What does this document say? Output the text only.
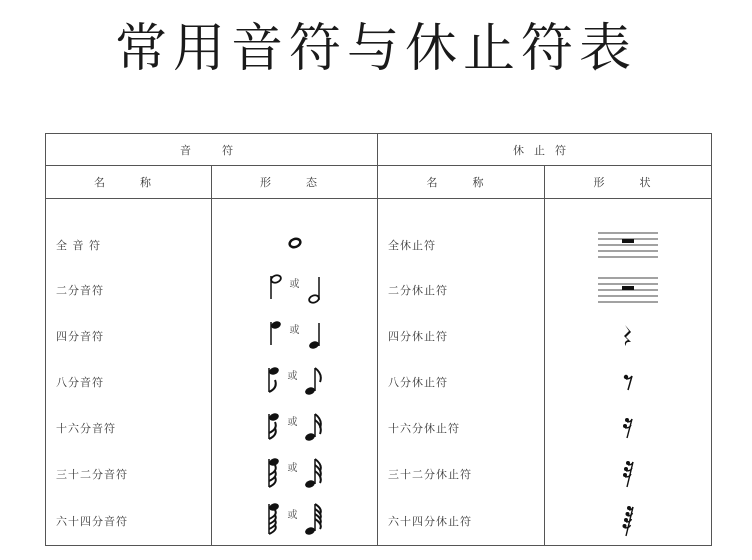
常用音符与休止符表
音　符		休止符	
名　称	形　态	名　称	形　状

全 音 符		全休止符	

二分音符	或	二分休止符	

四分音符	或	四分休止符	

八分音符	或	八分休止符	

十六分音符	或	十六分休止符	

三十二分音符	或	三十二分休止符	

六十四分音符	或	六十四分休止符	
